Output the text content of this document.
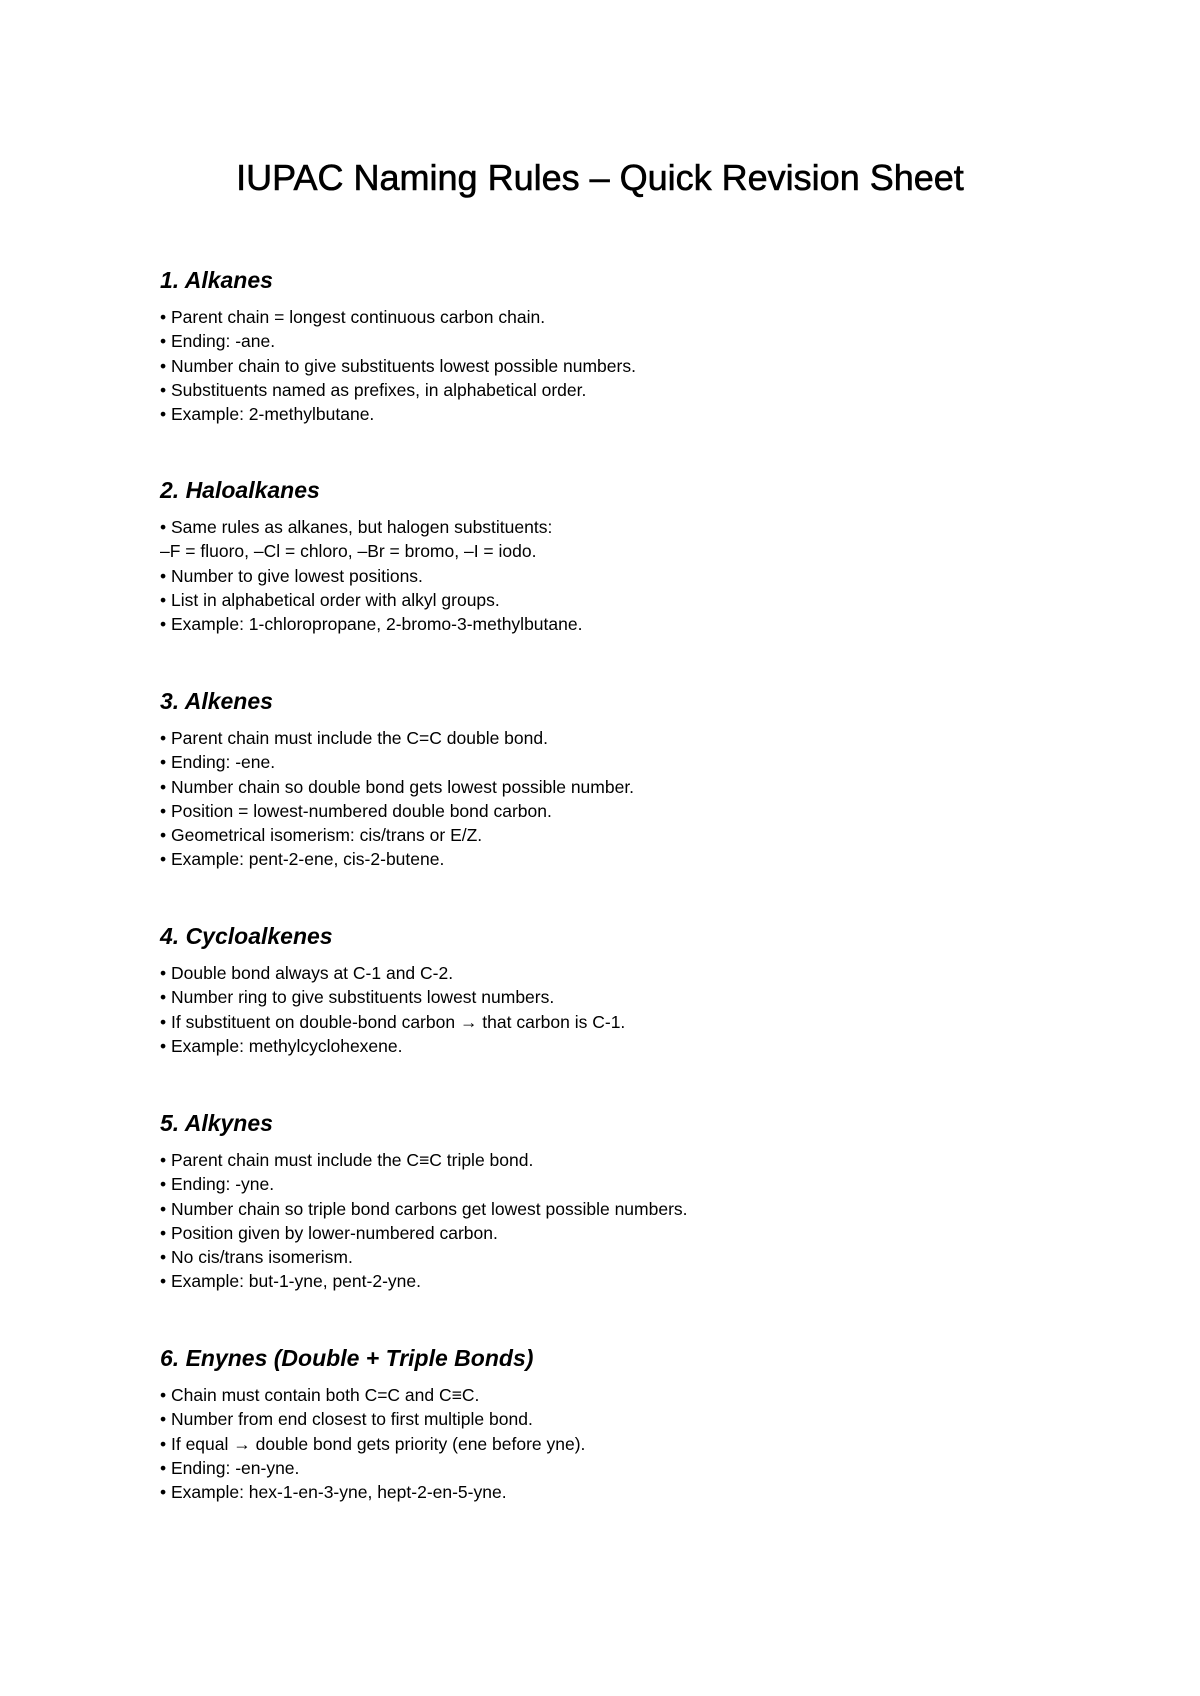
IUPAC Naming Rules – Quick Revision Sheet
1. Alkanes
• Parent chain = longest continuous carbon chain.
• Ending: -ane.
• Number chain to give substituents lowest possible numbers.
• Substituents named as prefixes, in alphabetical order.
• Example: 2-methylbutane.
2. Haloalkanes
• Same rules as alkanes, but halogen substituents:
–F = fluoro, –Cl = chloro, –Br = bromo, –I = iodo.
• Number to give lowest positions.
• List in alphabetical order with alkyl groups.
• Example: 1-chloropropane, 2-bromo-3-methylbutane.
3. Alkenes
• Parent chain must include the C=C double bond.
• Ending: -ene.
• Number chain so double bond gets lowest possible number.
• Position = lowest-numbered double bond carbon.
• Geometrical isomerism: cis/trans or E/Z.
• Example: pent-2-ene, cis-2-butene.
4. Cycloalkenes
• Double bond always at C-1 and C-2.
• Number ring to give substituents lowest numbers.
• If substituent on double-bond carbon → that carbon is C-1.
• Example: methylcyclohexene.
5. Alkynes
• Parent chain must include the C≡C triple bond.
• Ending: -yne.
• Number chain so triple bond carbons get lowest possible numbers.
• Position given by lower-numbered carbon.
• No cis/trans isomerism.
• Example: but-1-yne, pent-2-yne.
6. Enynes (Double + Triple Bonds)
• Chain must contain both C=C and C≡C.
• Number from end closest to first multiple bond.
• If equal → double bond gets priority (ene before yne).
• Ending: -en-yne.
• Example: hex-1-en-3-yne, hept-2-en-5-yne.
